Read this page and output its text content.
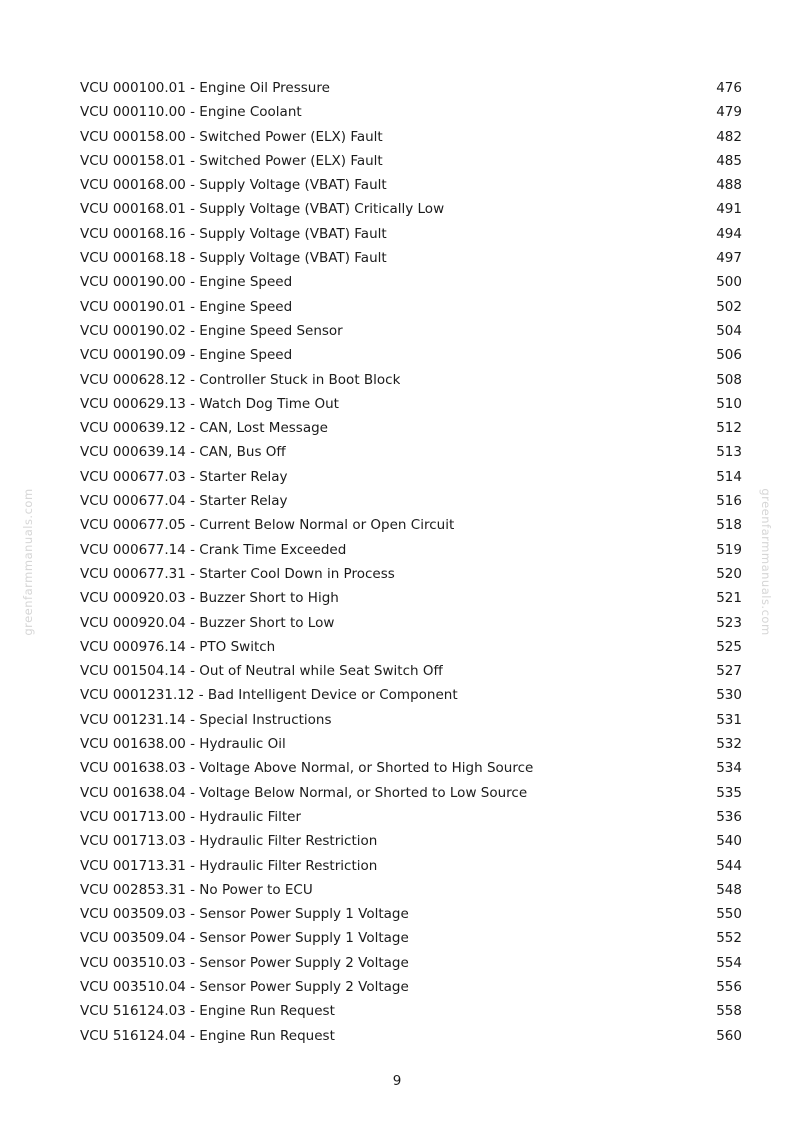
greenfarmmanuals.com	greenfarmmanuals.com
VCU 000100.01 - Engine Oil Pressure	476
VCU 000110.00 - Engine Coolant	479
VCU 000158.00 - Switched Power (ELX) Fault	482
VCU 000158.01 - Switched Power (ELX) Fault	485
VCU 000168.00 - Supply Voltage (VBAT) Fault	488
VCU 000168.01 - Supply Voltage (VBAT) Critically Low	491
VCU 000168.16 - Supply Voltage (VBAT) Fault	494
VCU 000168.18 - Supply Voltage (VBAT) Fault	497
VCU 000190.00 - Engine Speed	500
VCU 000190.01 - Engine Speed	502
VCU 000190.02 - Engine Speed Sensor	504
VCU 000190.09 - Engine Speed	506
VCU 000628.12 - Controller Stuck in Boot Block	508
VCU 000629.13 - Watch Dog Time Out	510
VCU 000639.12 - CAN, Lost Message	512
VCU 000639.14 - CAN, Bus Off	513
VCU 000677.03 - Starter Relay	514
VCU 000677.04 - Starter Relay	516
VCU 000677.05 - Current Below Normal or Open Circuit	518
VCU 000677.14 - Crank Time Exceeded	519
VCU 000677.31 - Starter Cool Down in Process	520
VCU 000920.03 - Buzzer Short to High	521
VCU 000920.04 - Buzzer Short to Low	523
VCU 000976.14 - PTO Switch	525
VCU 001504.14 - Out of Neutral while Seat Switch Off	527
VCU 0001231.12 - Bad Intelligent Device or Component	530
VCU 001231.14 - Special Instructions	531
VCU 001638.00 - Hydraulic Oil	532
VCU 001638.03 - Voltage Above Normal, or Shorted to High Source	534
VCU 001638.04 - Voltage Below Normal, or Shorted to Low Source	535
VCU 001713.00 - Hydraulic Filter	536
VCU 001713.03 - Hydraulic Filter Restriction	540
VCU 001713.31 - Hydraulic Filter Restriction	544
VCU 002853.31 - No Power to ECU	548
VCU 003509.03 - Sensor Power Supply 1 Voltage	550
VCU 003509.04 - Sensor Power Supply 1 Voltage	552
VCU 003510.03 - Sensor Power Supply 2 Voltage	554
VCU 003510.04 - Sensor Power Supply 2 Voltage	556
VCU 516124.03 - Engine Run Request	558
VCU 516124.04 - Engine Run Request	560
9
